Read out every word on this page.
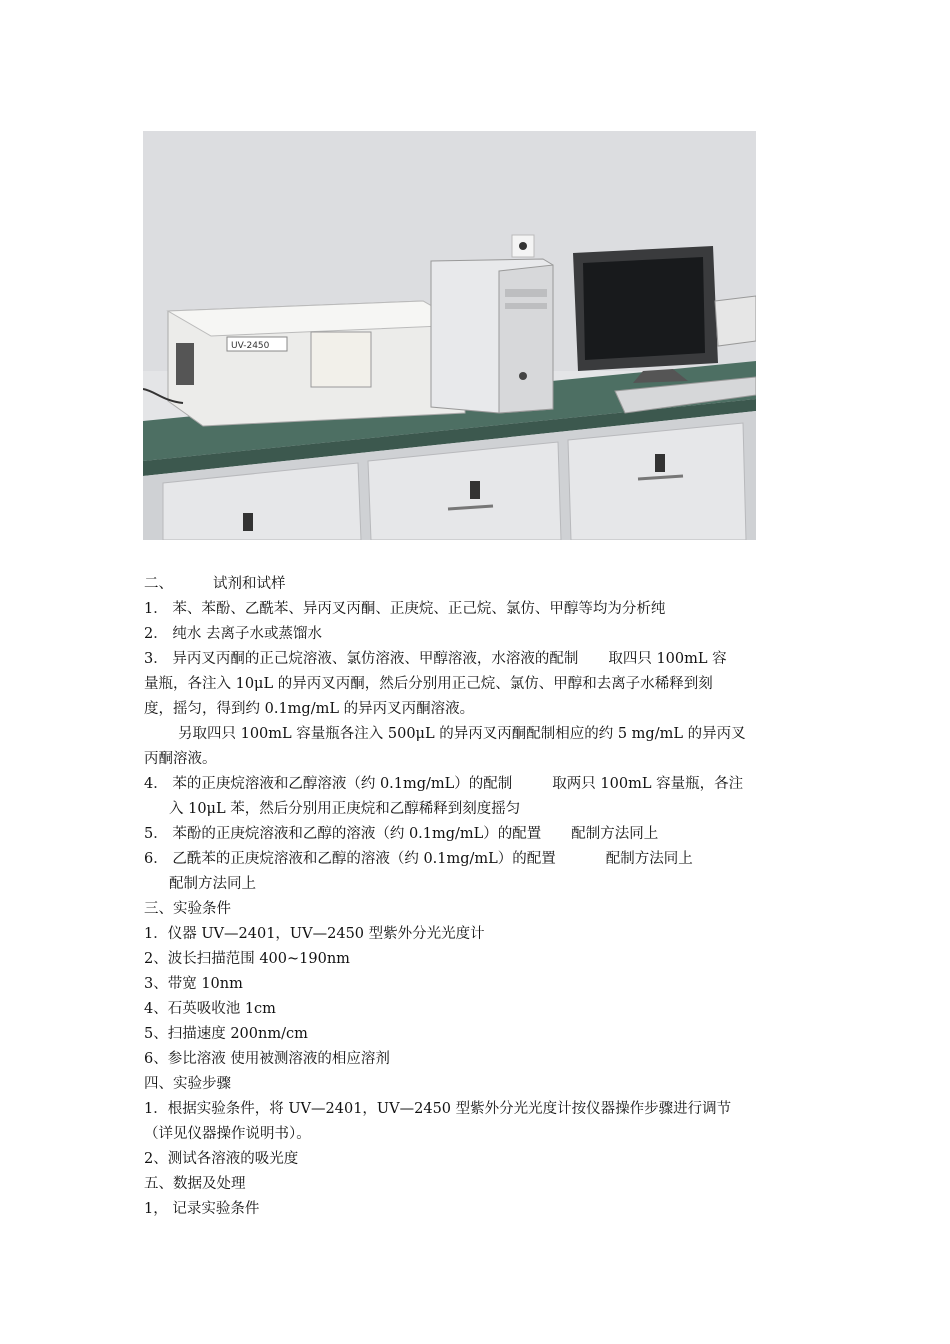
UV-2450
二、	试剂和试样
1． 苯、苯酚、乙酰苯、异丙叉丙酮、正庚烷、正己烷、氯仿、甲醇等均为分析纯
2． 纯水 去离子水或蒸馏水
3． 异丙叉丙酮的正己烷溶液、氯仿溶液、甲醇溶液，水溶液的配制 取四只 100mL 容
量瓶，各注入 10μL 的异丙叉丙酮，然后分别用正己烷、氯仿、甲醇和去离子水稀释到刻
度，摇匀，得到约 0.1mg/mL 的异丙叉丙酮溶液。
另取四只 100mL 容量瓶各注入 500μL 的异丙叉丙酮配制相应的约 5 mg/mL 的异丙叉
丙酮溶液。
4． 苯的正庚烷溶液和乙醇溶液（约 0.1mg/mL）的配制	取两只 100mL 容量瓶，各注
入 10μL 苯，然后分别用正庚烷和乙醇稀释到刻度摇匀
5． 苯酚的正庚烷溶液和乙醇的溶液（约 0.1mg/mL）的配置 配制方法同上
6． 乙酰苯的正庚烷溶液和乙醇的溶液（约 0.1mg/mL）的配置	配制方法同上
配制方法同上
三、实验条件
1．仪器 UV—2401，UV—2450 型紫外分光光度计
2、波长扫描范围 400~190nm
3、带宽 10nm
4、石英吸收池 1cm
5、扫描速度 200nm/cm
6、参比溶液 使用被测溶液的相应溶剂
四、实验步骤
1．根据实验条件，将 UV—2401，UV—2450 型紫外分光光度计按仪器操作步骤进行调节
（详见仪器操作说明书）。
2、测试各溶液的吸光度
五、数据及处理
1， 记录实验条件
